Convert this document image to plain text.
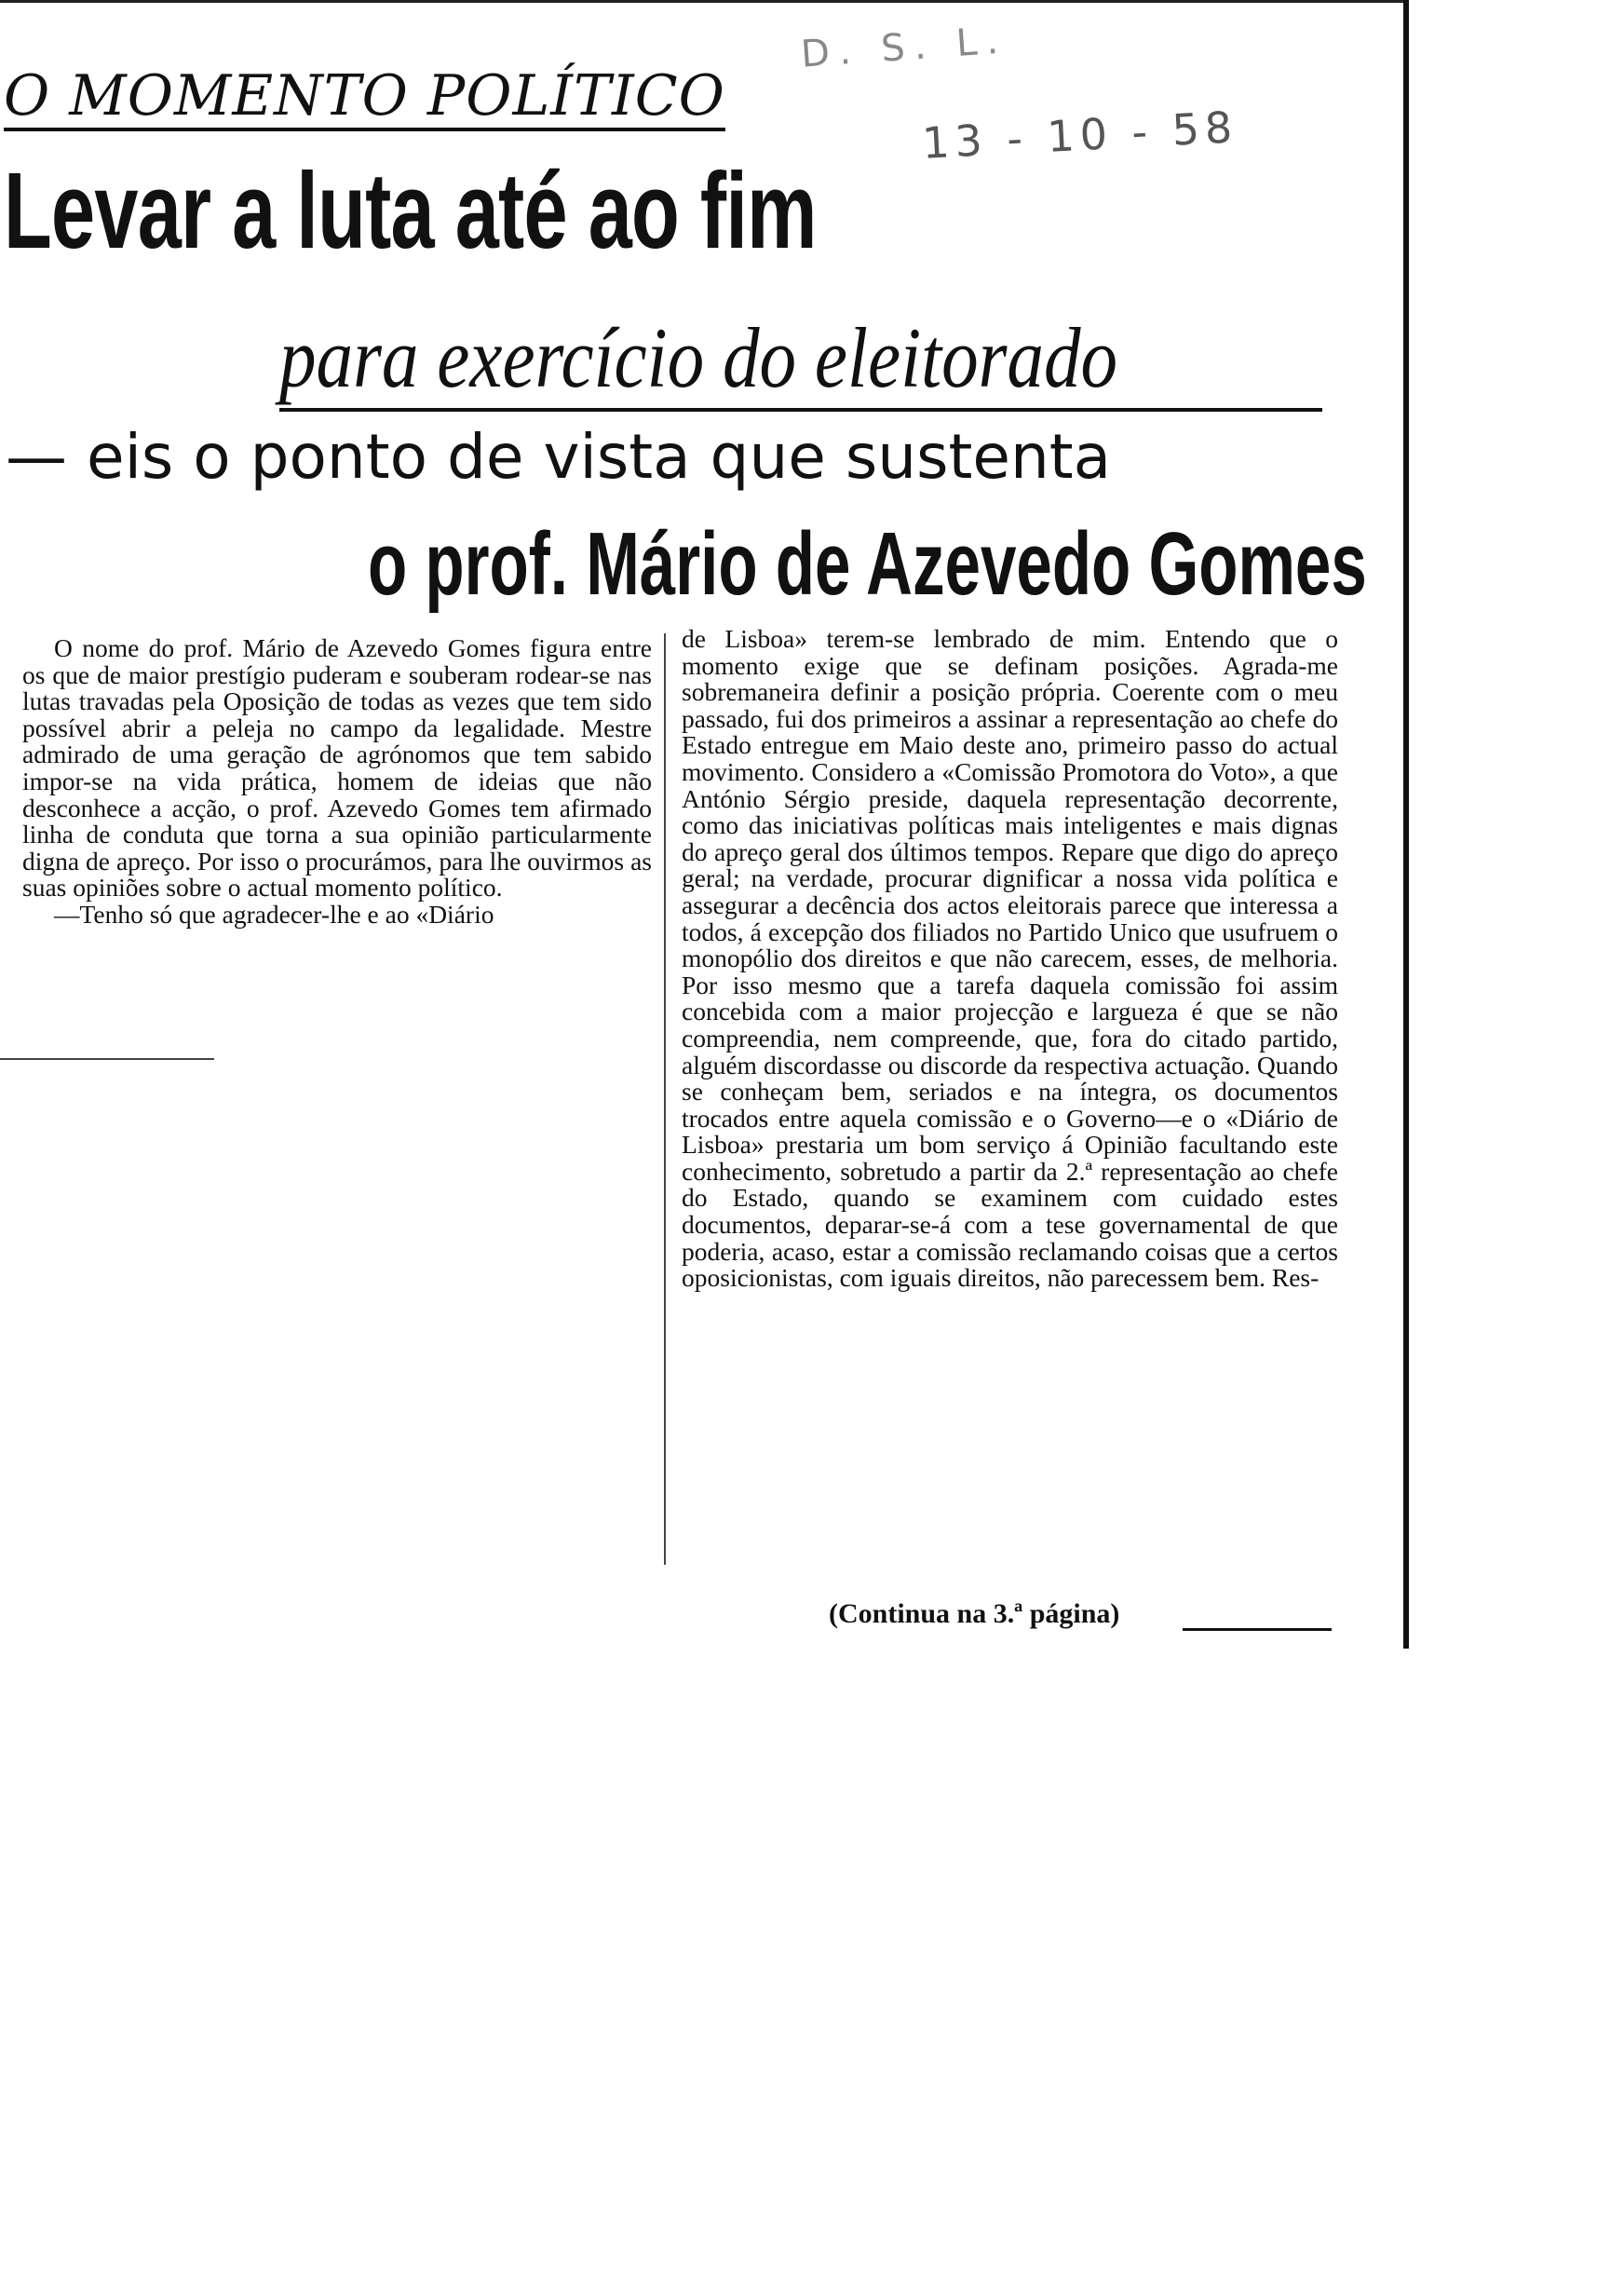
D. S. L.
13 - 10 - 58
O MOMENTO POLÍTICO
Levar a luta até ao fim
para exercício do eleitorado
— eis o ponto de vista que sustenta
o prof. Mário de Azevedo Gomes

O nome do prof. Mário de Azevedo Gomes figura entre os que de maior prestígio puderam e souberam rodear-se nas lutas travadas pela Oposição de todas as vezes que tem sido possível abrir a peleja no campo da legalidade. Mestre admirado de uma geração de agrónomos que tem sabido impor-se na vida prática, homem de ideias que não desconhece a acção, o prof. Azevedo Gomes tem afirmado linha de conduta que torna a sua opinião particularmente digna de apreço. Por isso o procurámos, para lhe ouvirmos as suas opiniões sobre o actual momento político.

—Tenho só que agradecer-lhe e ao «Diário

de Lisboa» terem-se lembrado de mim. Entendo que o momento exige que se definam posições. Agrada-me sobremaneira definir a posição própria. Coerente com o meu passado, fui dos primeiros a assinar a representação ao chefe do Estado entregue em Maio deste ano, primeiro passo do actual movimento. Considero a «Comissão Promotora do Voto», a que António Sérgio preside, daquela representação decorrente, como das iniciativas políticas mais inteligentes e mais dignas do apreço geral dos últimos tempos. Repare que digo do apreço geral; na verdade, procurar dignificar a nossa vida política e assegurar a decência dos actos eleitorais parece que interessa a todos, á excepção dos filiados no Partido Unico que usufruem o monopólio dos direitos e que não carecem, esses, de melhoria. Por isso mesmo que a tarefa daquela comissão foi assim concebida com a maior projecção e largueza é que se não compreendia, nem compreende, que, fora do citado partido, alguém discordasse ou discorde da respectiva actuação. Quando se conheçam bem, seriados e na íntegra, os documentos trocados entre aquela comissão e o Governo—e o «Diário de Lisboa» prestaria um bom serviço á Opinião facultando este conhecimento, sobretudo a partir da 2.ª representação ao chefe do Estado, quando se examinem com cuidado estes documentos, deparar-se-á com a tese governamental de que poderia, acaso, estar a comissão reclamando coisas que a certos oposicionistas, com iguais direitos, não parecessem bem. Res-

(Continua na 3.ª página)
